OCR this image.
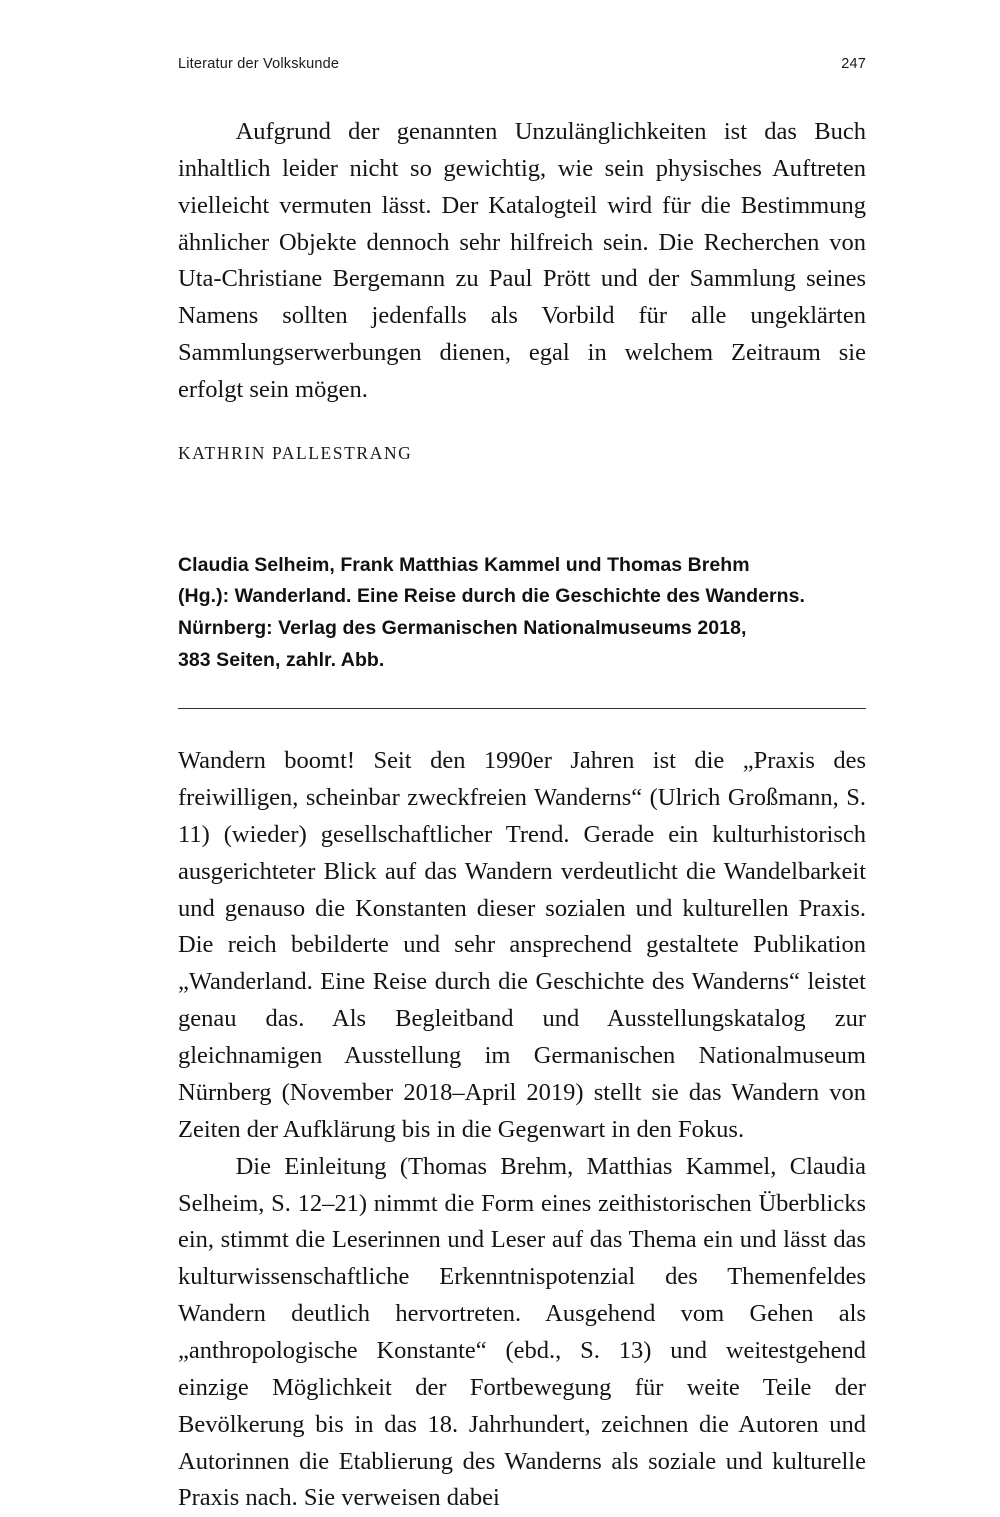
Literatur der Volkskunde	247

Aufgrund der genannten Unzulänglichkeiten ist das Buch inhaltlich leider nicht so gewichtig, wie sein physisches Auftreten vielleicht vermuten lässt. Der Katalogteil wird für die Bestimmung ähnlicher Objekte dennoch sehr hilfreich sein. Die Recherchen von Uta-Christiane Bergemann zu Paul Prött und der Sammlung seines Namens sollten jedenfalls als Vorbild für alle ungeklärten Sammlungserwerbungen dienen, egal in welchem Zeitraum sie erfolgt sein mögen.

KATHRIN PALLESTRANG
Claudia Selheim, Frank Matthias Kammel und Thomas Brehm
(Hg.): Wanderland. Eine Reise durch die Geschichte des Wanderns.
Nürnberg: Verlag des Germanischen Nationalmuseums 2018,
383 Seiten, zahlr. Abb.

Wandern boomt! Seit den 1990er Jahren ist die „Praxis des freiwilligen, scheinbar zweckfreien Wanderns“ (Ulrich Großmann, S. 11) (wieder) gesellschaftlicher Trend. Gerade ein kulturhistorisch ausgerichteter Blick auf das Wandern verdeutlicht die Wandelbarkeit und genauso die Konstanten dieser sozialen und kulturellen Praxis. Die reich bebilderte und sehr ansprechend gestaltete Publikation „Wanderland. Eine Reise durch die Geschichte des Wanderns“ leistet genau das. Als Begleitband und Ausstellungskatalog zur gleichnamigen Ausstellung im Germanischen Nationalmuseum Nürnberg (November 2018–April 2019) stellt sie das Wandern von Zeiten der Aufklärung bis in die Gegenwart in den Fokus.

Die Einleitung (Thomas Brehm, Matthias Kammel, Claudia Selheim, S. 12–21) nimmt die Form eines zeithistorischen Überblicks ein, stimmt die Leserinnen und Leser auf das Thema ein und lässt das kulturwissenschaftliche Erkenntnispotenzial des Themenfeldes Wandern deutlich hervortreten. Ausgehend vom Gehen als „anthropologische Konstante“ (ebd., S. 13) und weitestgehend einzige Möglichkeit der Fortbewegung für weite Teile der Bevölkerung bis in das 18. Jahrhundert, zeichnen die Autoren und Autorinnen die Etablierung des Wanderns als soziale und kulturelle Praxis nach. Sie verweisen dabei
